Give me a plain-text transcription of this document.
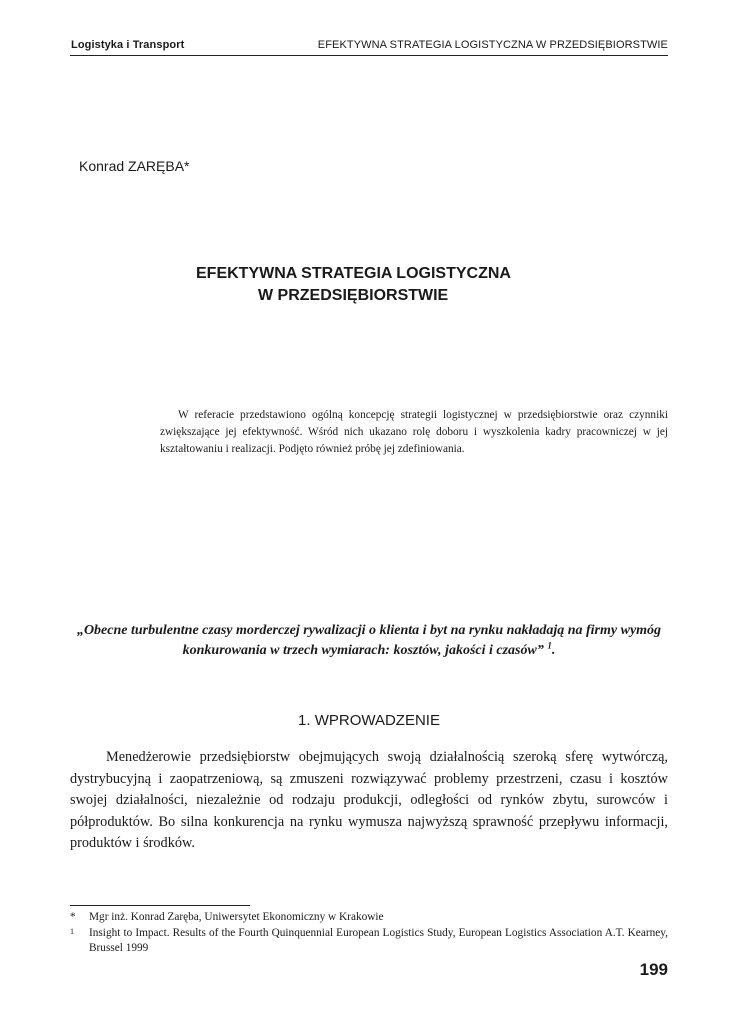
Logistyka i Transport	EFEKTYWNA STRATEGIA LOGISTYCZNA W PRZEDSIĘBIORSTWIE
Konrad ZARĘBA*
EFEKTYWNA STRATEGIA LOGISTYCZNA
W PRZEDSIĘBIORSTWIE

W referacie przedstawiono ogólną koncepcję strategii logistycznej w przedsiębiorstwie oraz czynniki zwiększające jej efektywność. Wśród nich ukazano rolę doboru i wyszkolenia kadry pracowniczej w jej kształtowaniu i realizacji. Podjęto również próbę jej zdefiniowania.

„Obecne turbulentne czasy morderczej rywalizacji o klienta i byt na rynku nakładają na firmy wymóg konkurowania w trzech wymiarach: kosztów, jakości i czasów” $^1$.

1. WPROWADZENIE

Menedżerowie przedsiębiorstw obejmujących swoją działalnością szeroką sferę wytwórczą, dystrybucyjną i zaopatrzeniową, są zmuszeni rozwiązywać problemy przestrzeni, czasu i kosztów swojej działalności, niezależnie od rodzaju produkcji, odległości od rynków zbytu, surowców i półproduktów. Bo silna konkurencja na rynku wymusza najwyższą sprawność przepływu informacji, produktów i środków.

* Mgr inż. Konrad Zaręba, Uniwersytet Ekonomiczny w Krakowie
1 Insight to Impact. Results of the Fourth Quinquennial European Logistics Study, European Logistics Association A.T. Kearney, Brussel 1999
199
